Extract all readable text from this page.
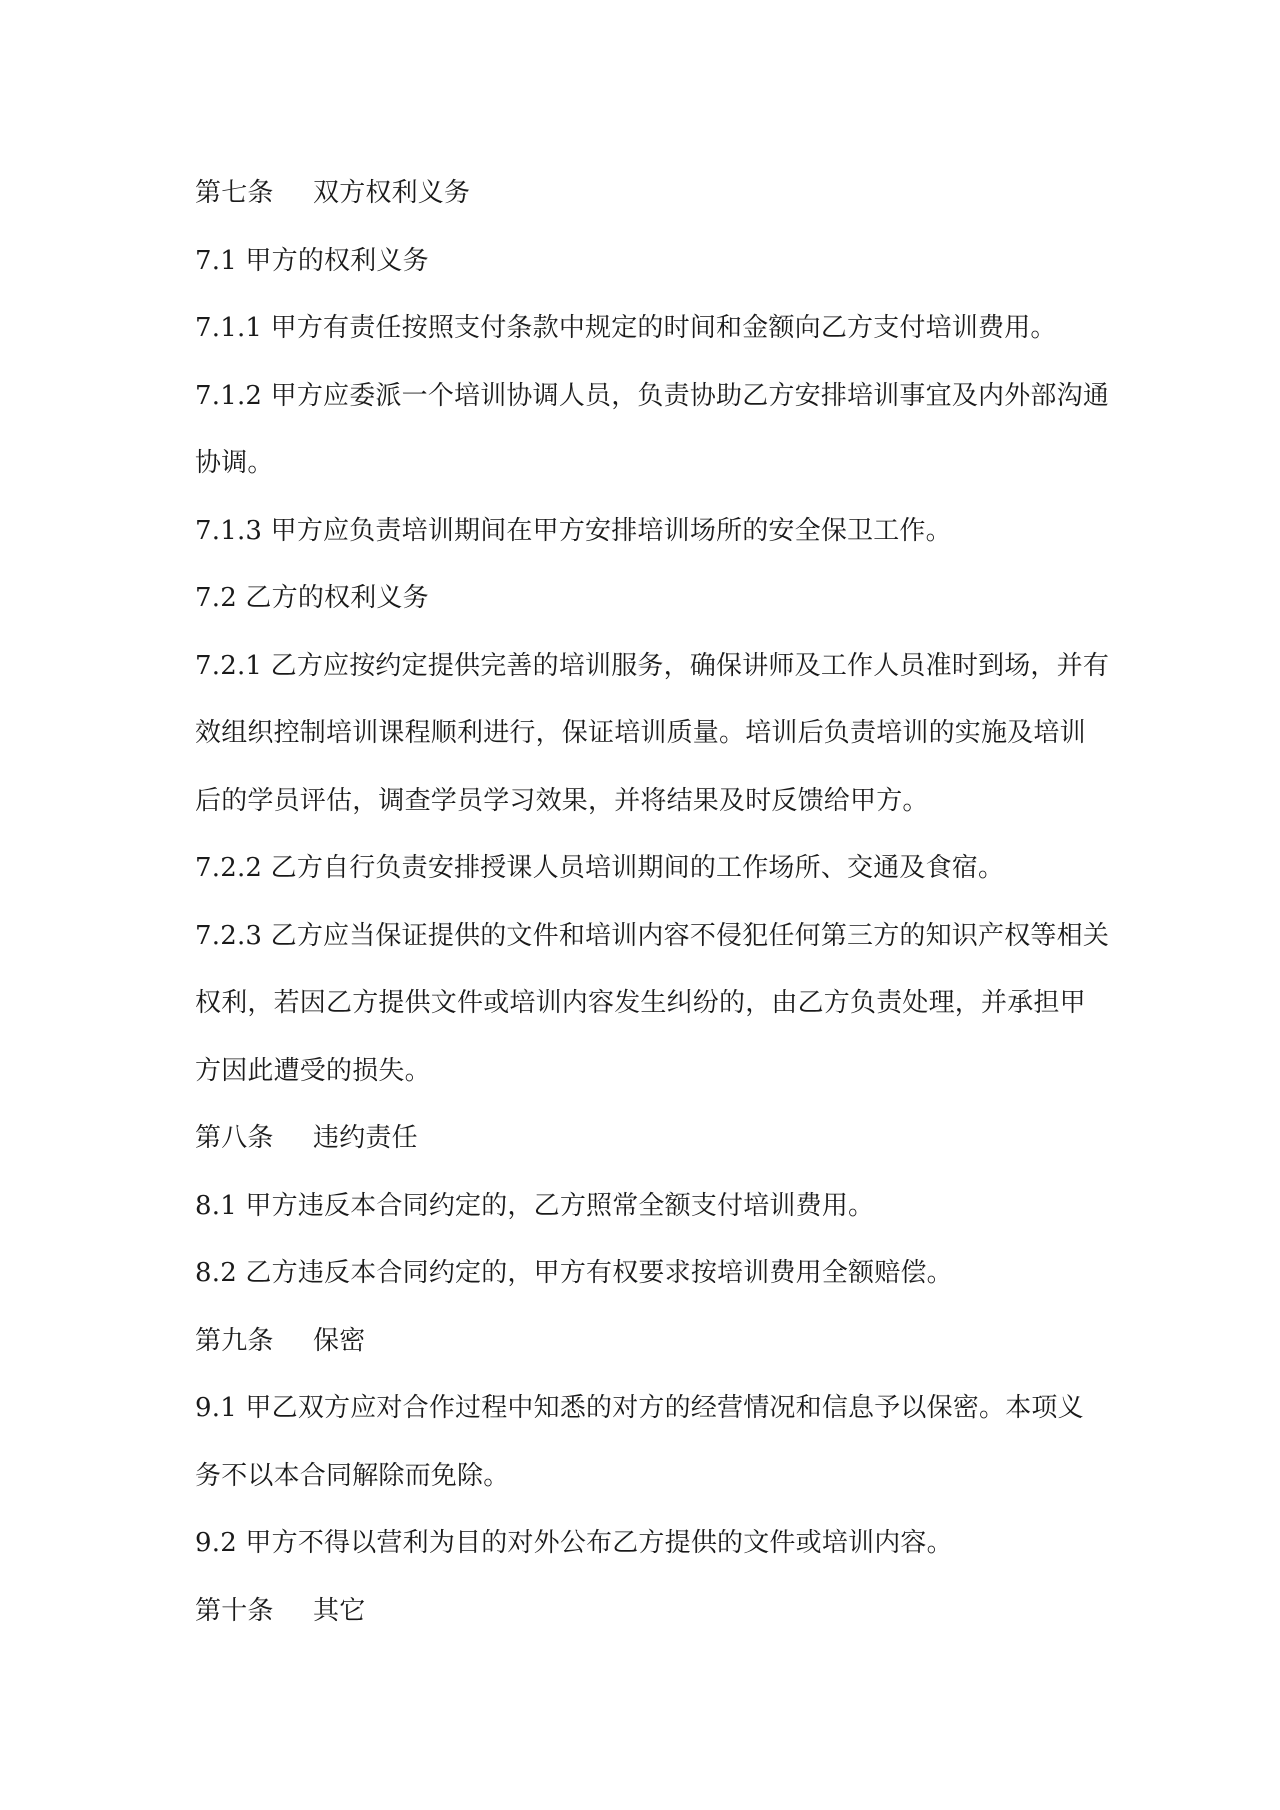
第七条 双方权利义务
7.1 甲方的权利义务
7.1.1 甲方有责任按照支付条款中规定的时间和金额向乙方支付培训费用。
7.1.2 甲方应委派一个培训协调人员，负责协助乙方安排培训事宜及内外部沟通
协调。
7.1.3 甲方应负责培训期间在甲方安排培训场所的安全保卫工作。
7.2 乙方的权利义务
7.2.1 乙方应按约定提供完善的培训服务，确保讲师及工作人员准时到场，并有
效组织控制培训课程顺利进行，保证培训质量。培训后负责培训的实施及培训
后的学员评估，调查学员学习效果，并将结果及时反馈给甲方。
7.2.2 乙方自行负责安排授课人员培训期间的工作场所、交通及食宿。
7.2.3 乙方应当保证提供的文件和培训内容不侵犯任何第三方的知识产权等相关
权利，若因乙方提供文件或培训内容发生纠纷的，由乙方负责处理，并承担甲
方因此遭受的损失。
第八条 违约责任
8.1 甲方违反本合同约定的，乙方照常全额支付培训费用。
8.2 乙方违反本合同约定的，甲方有权要求按培训费用全额赔偿。
第九条 保密
9.1 甲乙双方应对合作过程中知悉的对方的经营情况和信息予以保密。本项义
务不以本合同解除而免除。
9.2 甲方不得以营利为目的对外公布乙方提供的文件或培训内容。
第十条 其它
